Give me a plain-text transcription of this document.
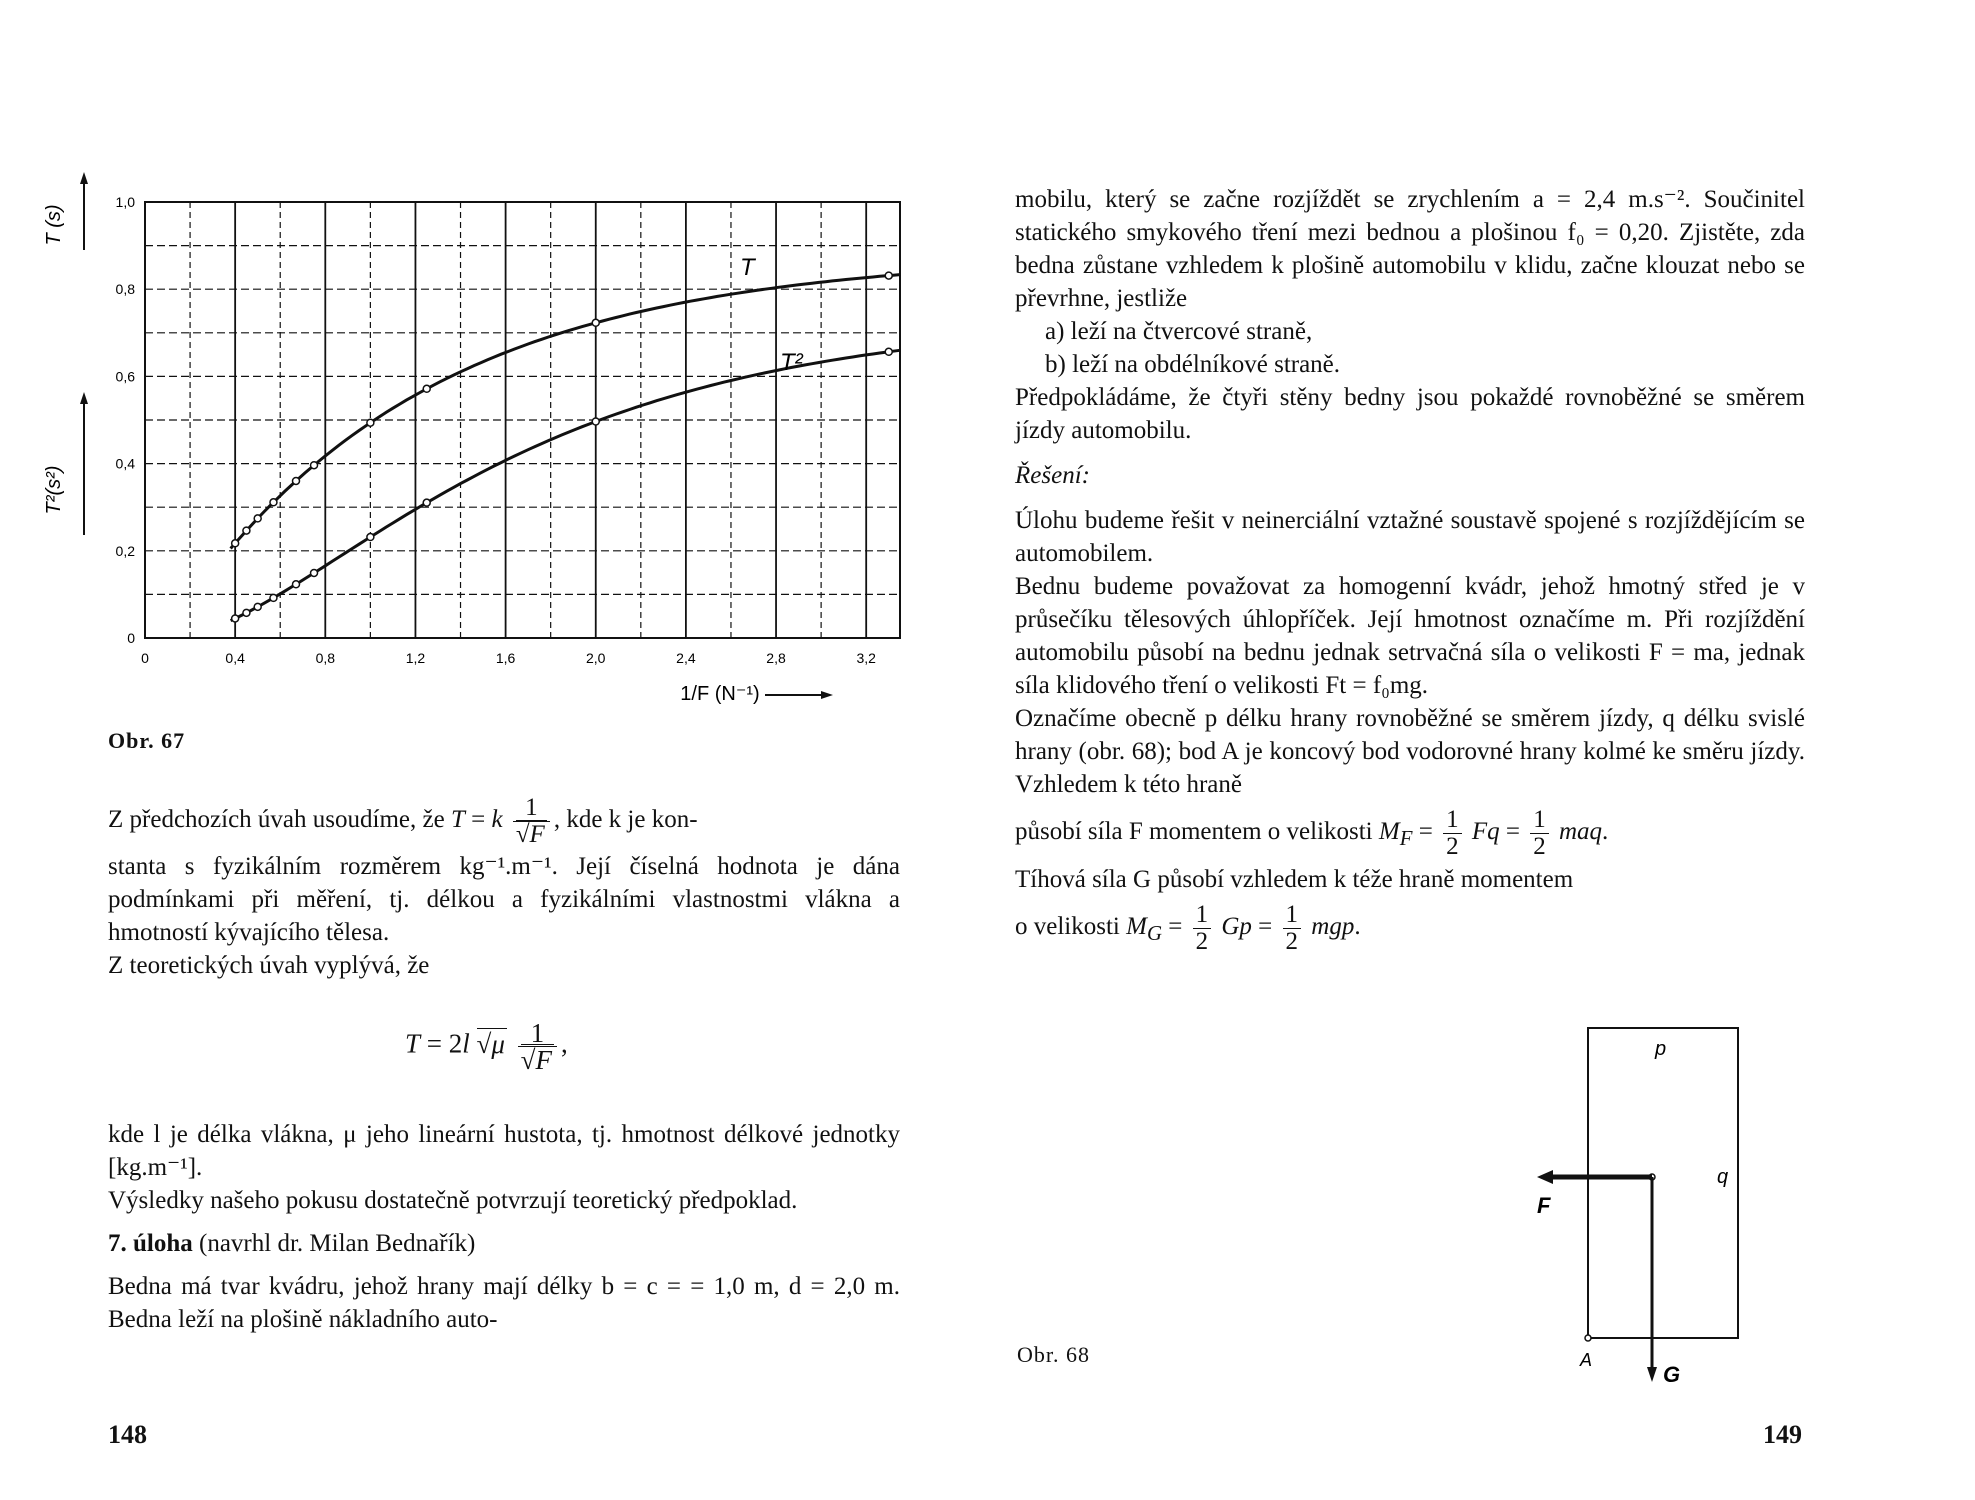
0
0,2
0,4
0,6
0,8
1,0
0	0,4	0,8	1,2	1,6	2,0	2,4	2,8	3,2
T (s)
T²(s²)
1/F (N⁻¹)
T
T²
Obr. 67

Z předchozích úvah usoudíme, že T = k 1
√ F , kde k je kon-

stanta s fyzikálním rozměrem kg⁻¹.m⁻¹. Její číselná hodnota je dána podmínkami při měření, tj. délkou a fyzikálními vlastnostmi vlákna a hmotností kývajícího tělesa.

Z teoretických úvah vyplývá, že

T = 2l √ μ 1
√ F ,

kde l je délka vlákna, μ jeho lineární hustota, tj. hmotnost délkové jednotky [kg.m⁻¹].

Výsledky našeho pokusu dostatečně potvrzují teoretický předpoklad.

7. úloha (navrhl dr. Milan Bednařík)

Bedna má tvar kvádru, jehož hrany mají délky b = c = = 1,0 m, d = 2,0 m. Bedna leží na plošině nákladního auto-

148

mobilu, který se začne rozjíždět se zrychlením a = 2,4 m.s⁻². Součinitel statického smykového tření mezi bednou a plošinou f₀ = 0,20. Zjistěte, zda bedna zůstane vzhledem k plošině automobilu v klidu, začne klouzat nebo se převrhne, jestliže

a) leží na čtvercové straně,

b) leží na obdélníkové straně.

Předpokládáme, že čtyři stěny bedny jsou pokaždé rovnoběžné se směrem jízdy automobilu.

Řešení:

Úlohu budeme řešit v neinerciální vztažné soustavě spojené s rozjíždějícím se automobilem.

Bednu budeme považovat za homogenní kvádr, jehož hmotný střed je v průsečíku tělesových úhlopříček. Její hmotnost označíme m. Při rozjíždění automobilu působí na bednu jednak setrvačná síla o velikosti F = ma, jednak síla klidového tření o velikosti Ft = f₀mg.

Označíme obecně p délku hrany rovnoběžné se směrem jízdy, q délku svislé hrany (obr. 68); bod A je koncový bod vodorovné hrany kolmé ke směru jízdy. Vzhledem k této hraně

působí síla F momentem o velikosti $M_F = \frac{1}{2}$ $Fq = \frac{1}{2}$ maq.

Tíhová síla G působí vzhledem k téže hraně momentem

o velikosti $M_G = \frac{1}{2}$ $Gp = \frac{1}{2}$ mgp.

p
q
F
G
A
Obr. 68
149
